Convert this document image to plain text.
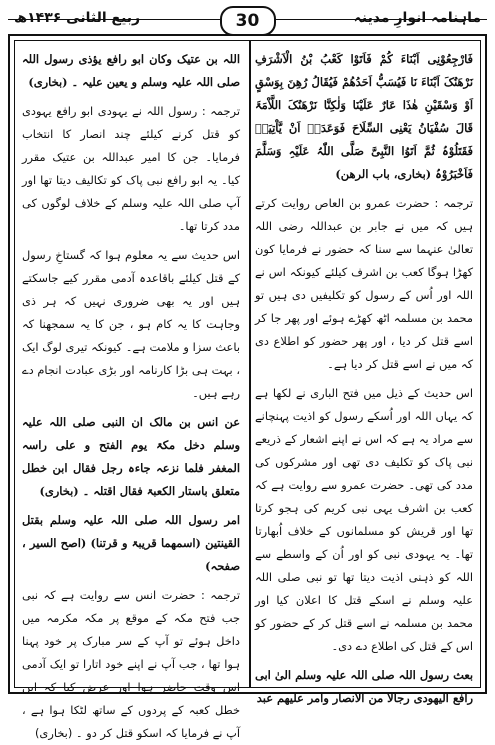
ربیع الثانی ۱۴۳۶ھ	30	ماہنامہ انوارِ مدینہ

فَارْجِعُوْنِی اَبْنَاءَ کُمْ فَاَتَوْا کَعْبُ بْنُ الْاَشْرَفِ نَرْھَنُکَ اَبْنَاءَ نَا فَیُسَبُّ اَحَدُھُمْ فَیُقَالُ رُھِنَ بِوَسْقٍ اَوْ وَسْقَیْنِ ھٰذَا عَارٌ عَلَیْنَا وَلٰکِنَّا نَرْھَنُکَ اللَّاْمَۃَ قَالَ سُفْیَانُ یَعْنِی السِّلَاحَ فَوَعَدَہٗ اَنْ یَّاْتِیَہٗ فَقَتَلُوْہُ ثُمَّ اَتَوُا النَّبِیَّ صَلَّی اللّٰہُ عَلَیْہِ وَسَلَّمَ فَاَخْبَرُوْہُ (بخاری، باب الرھن)

ترجمہ : حضرت عمرو بن العاص روایت کرتے ہیں کہ میں نے جابر بن عبداللہ رضی اللہ تعالیٰ عنہما سے سنا کہ حضور نے فرمایا کون کھڑا ہوگا کعب بن اشرف کیلئے کیونکہ اس نے اللہ اور اُس کے رسول کو تکلیفیں دی ہیں تو محمد بن مسلمہ اٹھ کھڑے ہوئے اور پھر جا کر اسے قتل کر دیا ، اور پھر حضور کو اطلاع دی کہ میں نے اسے قتل کر دیا ہے۔

اس حدیث کے ذیل میں فتح الباری نے لکھا ہے کہ یہاں اللہ اور اُسکے رسول کو اذیت پہنچانے سے مراد یہ ہے کہ اس نے اپنے اشعار کے ذریعے نبی پاک کو تکلیف دی تھی اور مشرکوں کی مدد کی تھی۔ حضرت عمرو سے روایت ہے کہ کعب بن اشرف یہی نبی کریم کی ہجو کرتا تھا اور قریش کو مسلمانوں کے خلاف اُبھارتا تھا۔ یہ یہودی نبی کو اور اُن کے واسطے سے اللہ کو ذہنی اذیت دیتا تھا تو نبی صلی اللہ علیہ وسلم نے اسکے قتل کا اعلان کیا اور محمد بن مسلمہ نے اسے قتل کر کے حضور کو اس کے قتل کی اطلاع دے دی۔

بعث رسول اللہ صلی اللہ علیہ وسلم الیٰ ابی رافع الیھودی رجالا من الانصار وامر علیھم عبد

اللہ بن عتیک وکان ابو رافع یؤذی رسول اللہ صلی اللہ علیہ وسلم و یعین علیہ ۔ (بخاری)

ترجمہ : رسول اللہ نے یہودی ابو رافع یہودی کو قتل کرنے کیلئے چند انصار کا انتخاب فرمایا۔ جن کا امیر عبداللہ بن عتیک مقرر کیا۔ یہ ابو رافع نبی پاک کو تکالیف دیتا تھا اور آپ صلی اللہ علیہ وسلم کے خلاف لوگوں کی مدد کرتا تھا۔

اس حدیث سے یہ معلوم ہوا کہ گستاخِ رسول کے قتل کیلئے باقاعدہ آدمی مقرر کیے جاسکتے ہیں اور یہ بھی ضروری نہیں کہ ہر ذی وجاہت کا یہ کام ہو ، جن کا یہ سمجھنا کہ باعث سزا و ملامت ہے۔ کیونکہ تیری لوگ ایک ، بہت ہی بڑا کارنامہ اور بڑی عبادت انجام دے رہے ہیں۔

عن انس بن مالک ان النبی صلی اللہ علیہ وسلم دخل مکۃ یوم الفتح و علی راسہ المغفر فلما نزعہ جاءہ رجل فقال ابن خطل متعلق باستار الکعبۃ فقال اقتلہ ۔ (بخاری)

امر رسول اللہ صلی اللہ علیہ وسلم بقتل القینتین (اسمھما قریبۃ و قرتنا) (اصح السیر ، صفحہ)

ترجمہ : حضرت انس سے روایت ہے کہ نبی جب فتح مکہ کے موقع پر مکہ مکرمہ میں داخل ہوئے تو آپ کے سر مبارک پر خود پہنا ہوا تھا ، جب آپ نے اپنے خود اتارا تو ایک آدمی اس وقت حاضر ہوا اور عرض کیا کہ ابن خطل کعبہ کے پردوں کے ساتھ لٹکا ہوا ہے ، آپ نے فرمایا کہ اسکو قتل کر دو ۔ (بخاری)
